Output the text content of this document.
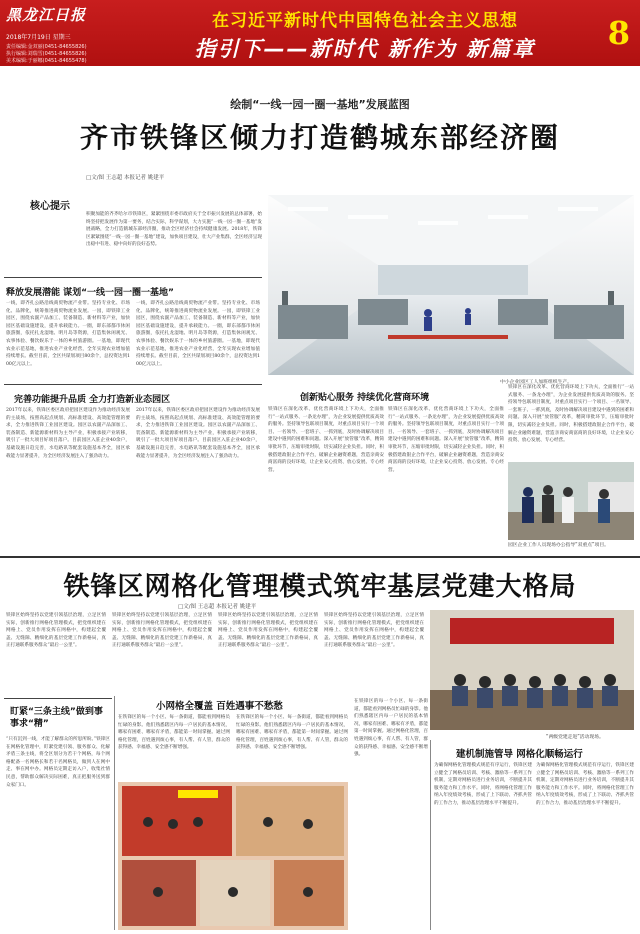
黑龙江日报
2018年7月19日 星期三
责任编辑:金双丽(0451-84655826)
执行编辑:刘瑞雪(0451-84655826)
美术编辑:于丽娜(0451-84655478)
在习近平新时代中国特色社会主义思想
指引下——新时代 新作为 新篇章	8
绘制“一线一园一圈一基地”发展蓝图
齐市铁锋区倾力打造鹤城东部经济圈
□文/图 王志超 本报记者 姚建平
核心提示
积聚加能的齐齐哈尔市铁锋区，紧紧围绕市委市政府关于全市振兴发展的总体部署，始终坚持把发展作为第一要务，结合实际，科学谋划，大力实施“一线一园一圈一基地”发展战略，全力打造鹤城东部经济圈，推动全区经济社会持续健康发展。2018年，铁锋区紧紧围绕“一线一园一圈一基地”建设，加快项目建设，壮大产业集群，全区经济呈现出稳中有进、稳中向好的良好态势。
释放发展潜能 谋划“一线一园一圈一基地”
一线，即齐扎公路沿线商贸物流产业带。坚持专业化、市场化、品牌化，统筹推进商贸物流业发展。一园，即铁锋工业园区，围绕农副产品加工、装备制造、新材料等产业，加快园区基础设施建设，提升承载能力。一圈，即东部都市休闲旅游圈，依托扎龙湿地、明月岛等资源，打造集休闲观光、农事体验、餐饮娱乐于一体的乡村旅游圈。一基地，即现代农业示范基地，推进农业产业化经营，全年实现农业增加值持续增长。截至目前，全区共谋划项目80余个，总投资达到100亿元以上。
一线，即齐扎公路沿线商贸物流产业带。坚持专业化、市场化、品牌化，统筹推进商贸物流业发展。一园，即铁锋工业园区，围绕农副产品加工、装备制造、新材料等产业，加快园区基础设施建设，提升承载能力。一圈，即东部都市休闲旅游圈，依托扎龙湿地、明月岛等资源，打造集休闲观光、农事体验、餐饮娱乐于一体的乡村旅游圈。一基地，即现代农业示范基地，推进农业产业化经营，全年实现农业增加值持续增长。截至目前，全区共谋划项目80余个，总投资达到100亿元以上。
完善功能提升品质 全力打造新业态园区
2017年以来，铁锋区委区政府把园区建设作为推动经济发展的主战场，按照高起点规划、高标准建设、高效能管理的要求，全力推进铁锋工业园区建设。园区以农副产品深加工、装备制造、新能源新材料为主导产业，积极承接产业转移，吸引了一批大项目好项目落户。目前园区入驻企业40余户，基础设施日趋完善，水电路讯等配套设施基本齐全，园区承载能力显著提升，为全区经济发展注入了强劲动力。
2017年以来，铁锋区委区政府把园区建设作为推动经济发展的主战场，按照高起点规划、高标准建设、高效能管理的要求，全力推进铁锋工业园区建设。园区以农副产品深加工、装备制造、新能源新材料为主导产业，积极承接产业转移，吸引了一批大项目好项目落户。目前园区入驻企业40余户，基础设施日趋完善，水电路讯等配套设施基本齐全，园区承载能力显著提升，为全区经济发展注入了强劲动力。
中小企业园区工人加班组织生产。
创新贴心服务 持续优化营商环境
铁锋区在深化改革、优化营商环境上下功夫，全面推行“一站式服务、一条龙办理”，为企业发展提供优质高效的服务。坚持领导包联项目制度，对重点项目实行一个项目、一名领导、一套班子、一抓到底，及时协调解决项目建设中遇到的困难和问题。深入开展“放管服”改革，精简审批环节，压缩审批时限，切实减轻企业负担。同时，积极搭建政银企合作平台，破解企业融资难题，营造亲商安商富商的良好环境，让企业安心投资、放心发展、专心经营。
铁锋区在深化改革、优化营商环境上下功夫，全面推行“一站式服务、一条龙办理”，为企业发展提供优质高效的服务。坚持领导包联项目制度，对重点项目实行一个项目、一名领导、一套班子、一抓到底，及时协调解决项目建设中遇到的困难和问题。深入开展“放管服”改革，精简审批环节，压缩审批时限，切实减轻企业负担。同时，积极搭建政银企合作平台，破解企业融资难题，营造亲商安商富商的良好环境，让企业安心投资、放心发展、专心经营。
铁锋区在深化改革、优化营商环境上下功夫，全面推行“一站式服务、一条龙办理”，为企业发展提供优质高效的服务。坚持领导包联项目制度，对重点项目实行一个项目、一名领导、一套班子、一抓到底，及时协调解决项目建设中遇到的困难和问题。深入开展“放管服”改革，精简审批环节，压缩审批时限，切实减轻企业负担。同时，积极搭建政银企合作平台，破解企业融资难题，营造亲商安商富商的良好环境，让企业安心投资、放心发展、专心经营。
园区企业工作人员现场办公指导“双重点”项目。
铁锋区网格化管理模式筑牢基层党建大格局
□文/图 王志超 本报记者 姚建平
铁锋区始终坚持以党建引领基层治理，立足区情实际，创新推行网格化管理模式，把党组织建在网格上、党员作用发挥在网格中，构建起全覆盖、无缝隙、精细化的基层党建工作新格局，真正打通联系服务群众“最后一公里”。
铁锋区始终坚持以党建引领基层治理，立足区情实际，创新推行网格化管理模式，把党组织建在网格上、党员作用发挥在网格中，构建起全覆盖、无缝隙、精细化的基层党建工作新格局，真正打通联系服务群众“最后一公里”。
铁锋区始终坚持以党建引领基层治理，立足区情实际，创新推行网格化管理模式，把党组织建在网格上、党员作用发挥在网格中，构建起全覆盖、无缝隙、精细化的基层党建工作新格局，真正打通联系服务群众“最后一公里”。
铁锋区始终坚持以党建引领基层治理，立足区情实际，创新推行网格化管理模式，把党组织建在网格上、党员作用发挥在网格中，构建起全覆盖、无缝隙、精细化的基层党建工作新格局，真正打通联系服务群众“最后一公里”。
“两级党建走进”活动现场。
盯紧“三条主线”做到事事求“精”
“只有沉到一线，才能了解群众的所思所盼。”铁锋区在网格化管理中，盯紧党建引领、服务群众、化解矛盾三条主线，将全区划分为若干个网格，每个网格配备一名网格长和若干名网格员，做到人在网中走、事在网中办。网格员定期走访入户，收集社情民意，帮助群众解决实际困难，真正把服务送到群众家门口。
小网格全覆盖 百姓遇事不愁愁
在铁锋区的每一个小区、每一条街道，都能看到网格员忙碌的身影。他们熟悉辖区内每一户居民的基本情况，哪家有困难、哪家有矛盾，都能第一时间掌握。通过网格化管理，百姓遇到烦心事，有人帮、有人管，群众的获得感、幸福感、安全感不断增强。
在铁锋区的每一个小区、每一条街道，都能看到网格员忙碌的身影。他们熟悉辖区内每一户居民的基本情况，哪家有困难、哪家有矛盾，都能第一时间掌握。通过网格化管理，百姓遇到烦心事，有人帮、有人管，群众的获得感、幸福感、安全感不断增强。
在铁锋区的每一个小区、每一条街道，都能看到网格员忙碌的身影。他们熟悉辖区内每一户居民的基本情况，哪家有困难、哪家有矛盾，都能第一时间掌握。通过网格化管理，百姓遇到烦心事，有人帮、有人管，群众的获得感、幸福感、安全感不断增强。	建机制施管导 网格化顺畅运行
为确保网格化管理模式规范有序运行，铁锋区建立健全了网格员培训、考核、激励等一系列工作机制，定期对网格员进行业务培训，不断提升其服务能力和工作水平。同时，将网格化管理工作纳入年度绩效考核，形成了上下联动、齐抓共管的工作合力，推动基层治理水平不断提升。
为确保网格化管理模式规范有序运行，铁锋区建立健全了网格员培训、考核、激励等一系列工作机制，定期对网格员进行业务培训，不断提升其服务能力和工作水平。同时，将网格化管理工作纳入年度绩效考核，形成了上下联动、齐抓共管的工作合力，推动基层治理水平不断提升。
